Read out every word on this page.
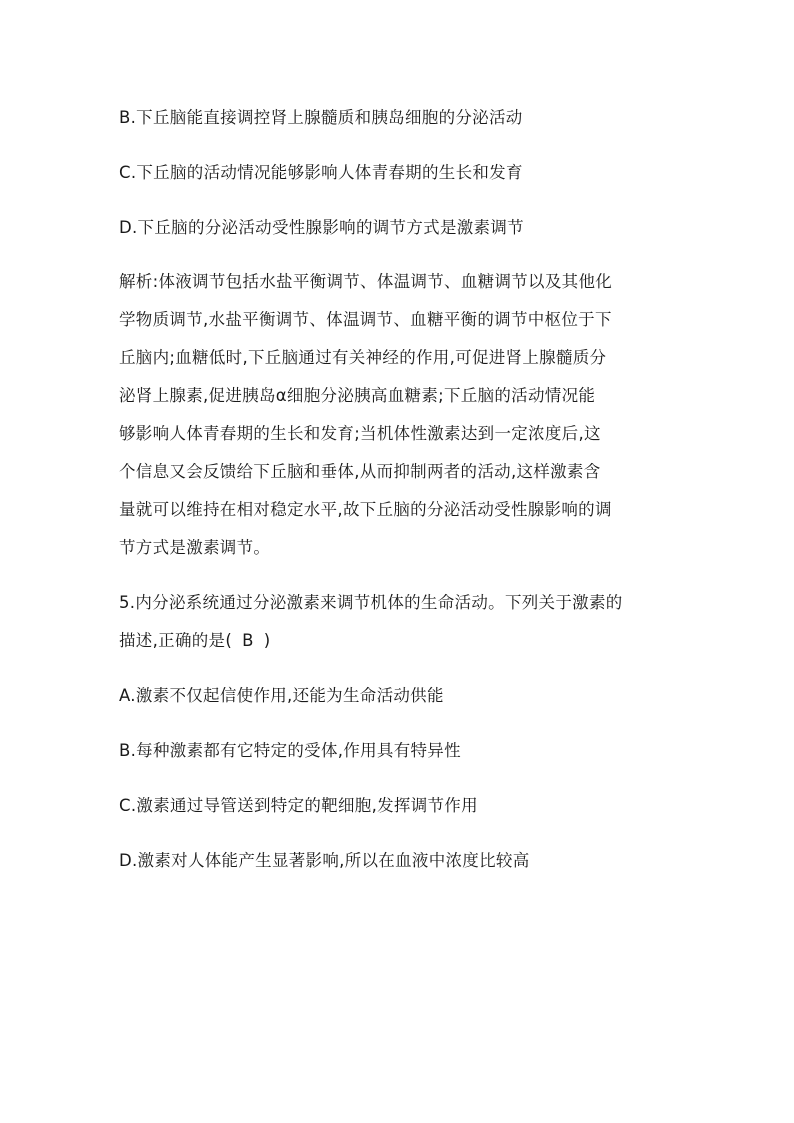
B.下丘脑能直接调控肾上腺髓质和胰岛细胞的分泌活动
C.下丘脑的活动情况能够影响人体青春期的生长和发育
D.下丘脑的分泌活动受性腺影响的调节方式是激素调节
解析:体液调节包括水盐平衡调节、体温调节、血糖调节以及其他化
学物质调节,水盐平衡调节、体温调节、血糖平衡的调节中枢位于下
丘脑内;血糖低时,下丘脑通过有关神经的作用,可促进肾上腺髓质分
泌肾上腺素,促进胰岛α细胞分泌胰高血糖素;下丘脑的活动情况能
够影响人体青春期的生长和发育;当机体性激素达到一定浓度后,这
个信息又会反馈给下丘脑和垂体,从而抑制两者的活动,这样激素含
量就可以维持在相对稳定水平,故下丘脑的分泌活动受性腺影响的调
节方式是激素调节。
5.内分泌系统通过分泌激素来调节机体的生命活动。下列关于激素的
描述,正确的是( B )
A.激素不仅起信使作用,还能为生命活动供能
B.每种激素都有它特定的受体,作用具有特异性
C.激素通过导管送到特定的靶细胞,发挥调节作用
D.激素对人体能产生显著影响,所以在血液中浓度比较高
